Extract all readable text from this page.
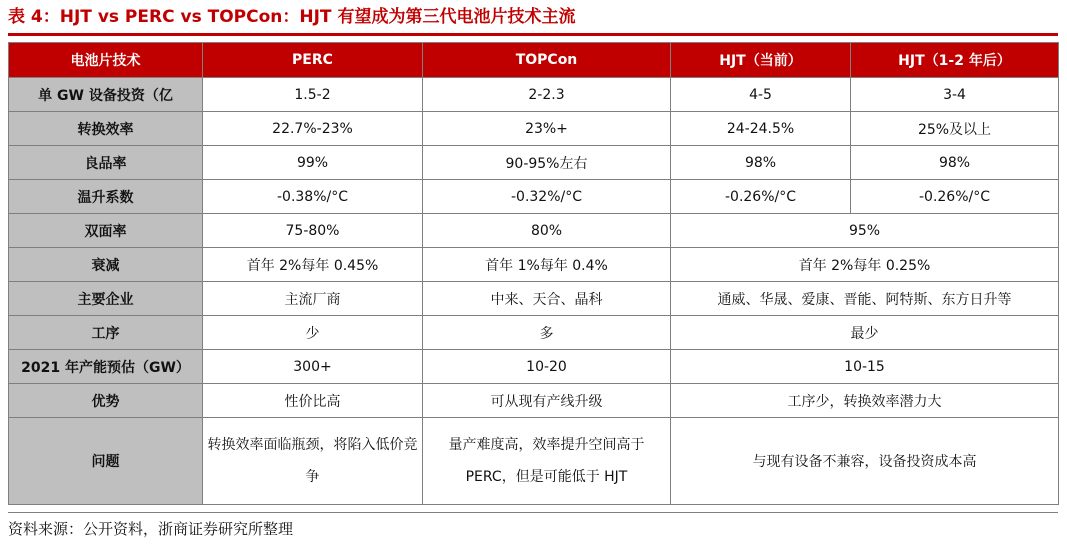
表 4：HJT vs PERC vs TOPCon：HJT 有望成为第三代电池片技术主流
电池片技术	PERC	TOPCon	HJT（当前）	HJT（1-2 年后）
单 GW 设备投资（亿	1.5-2	2-2.3	4-5	3-4
转换效率	22.7%-23%	23%+	24-24.5%	25%及以上
良品率	99%	90-95%左右	98%	98%
温升系数	-0.38%/°C	-0.32%/°C	-0.26%/°C	-0.26%/°C
双面率	75-80%	80%	95%	
衰减	首年 2%每年 0.45%	首年 1%每年 0.4%	首年 2%每年 0.25%	
主要企业	主流厂商	中来、天合、晶科	通威、华晟、爱康、晋能、阿特斯、东方日升等	
工序	少	多	最少	
2021 年产能预估（GW）	300+	10-20	10-15	
优势	性价比高	可从现有产线升级	工序少，转换效率潜力大	
问题	转换效率面临瓶颈，将陷入低价竞争	量产难度高，效率提升空间高于 PERC，但是可能低于 HJT	与现有设备不兼容，设备投资成本高	
资料来源：公开资料，浙商证券研究所整理
